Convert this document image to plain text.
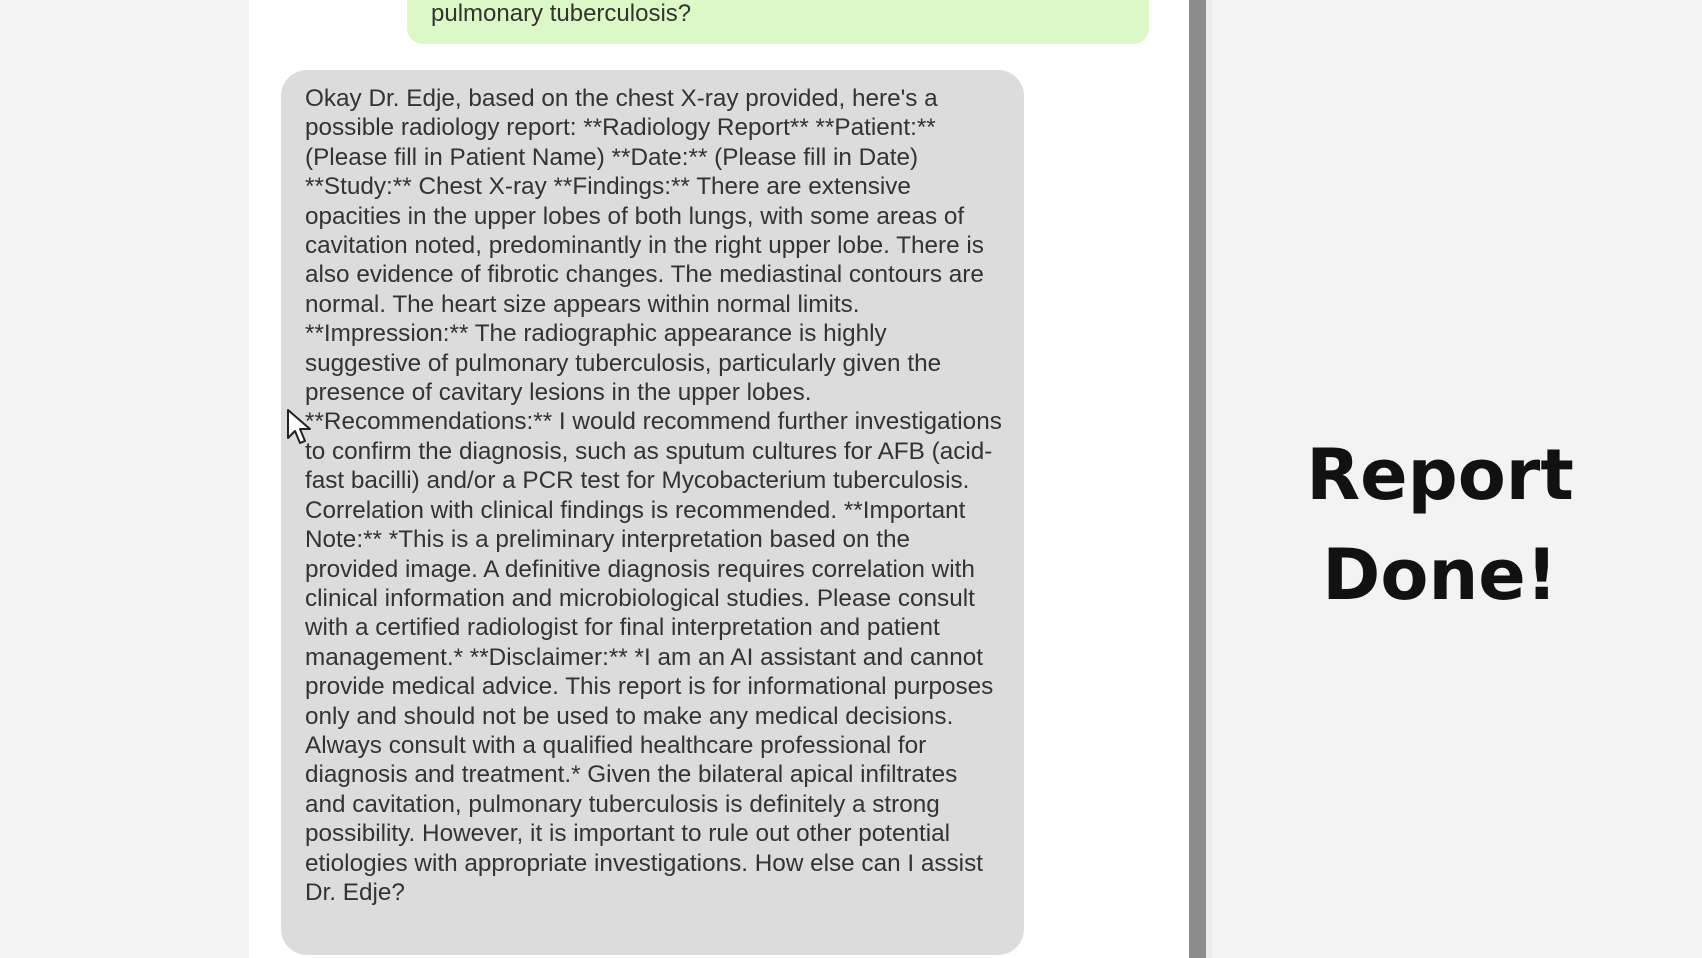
pulmonary tuberculosis?
Okay Dr. Edje, based on the chest X-ray provided, here's a possible radiology report: **Radiology Report** **Patient:** (Please fill in Patient Name) **Date:** (Please fill in Date) **Study:** Chest X-ray **Findings:** There are extensive opacities in the upper lobes of both lungs, with some areas of cavitation noted, predominantly in the right upper lobe. There is also evidence of fibrotic changes. The mediastinal contours are normal. The heart size appears within normal limits. **Impression:** The radiographic appearance is highly suggestive of pulmonary tuberculosis, particularly given the presence of cavitary lesions in the upper lobes. **Recommendations:** I would recommend further investigations to confirm the diagnosis, such as sputum cultures for AFB (acid-fast bacilli) and/or a PCR test for Mycobacterium tuberculosis. Correlation with clinical findings is recommended. **Important Note:** *This is a preliminary interpretation based on the provided image. A definitive diagnosis requires correlation with clinical information and microbiological studies. Please consult with a certified radiologist for final interpretation and patient management.* **Disclaimer:** *I am an AI assistant and cannot provide medical advice. This report is for informational purposes only and should not be used to make any medical decisions. Always consult with a qualified healthcare professional for diagnosis and treatment.* Given the bilateral apical infiltrates and cavitation, pulmonary tuberculosis is definitely a strong possibility. However, it is important to rule out other potential etiologies with appropriate investigations. How else can I assist Dr. Edje?
Report
Done!
